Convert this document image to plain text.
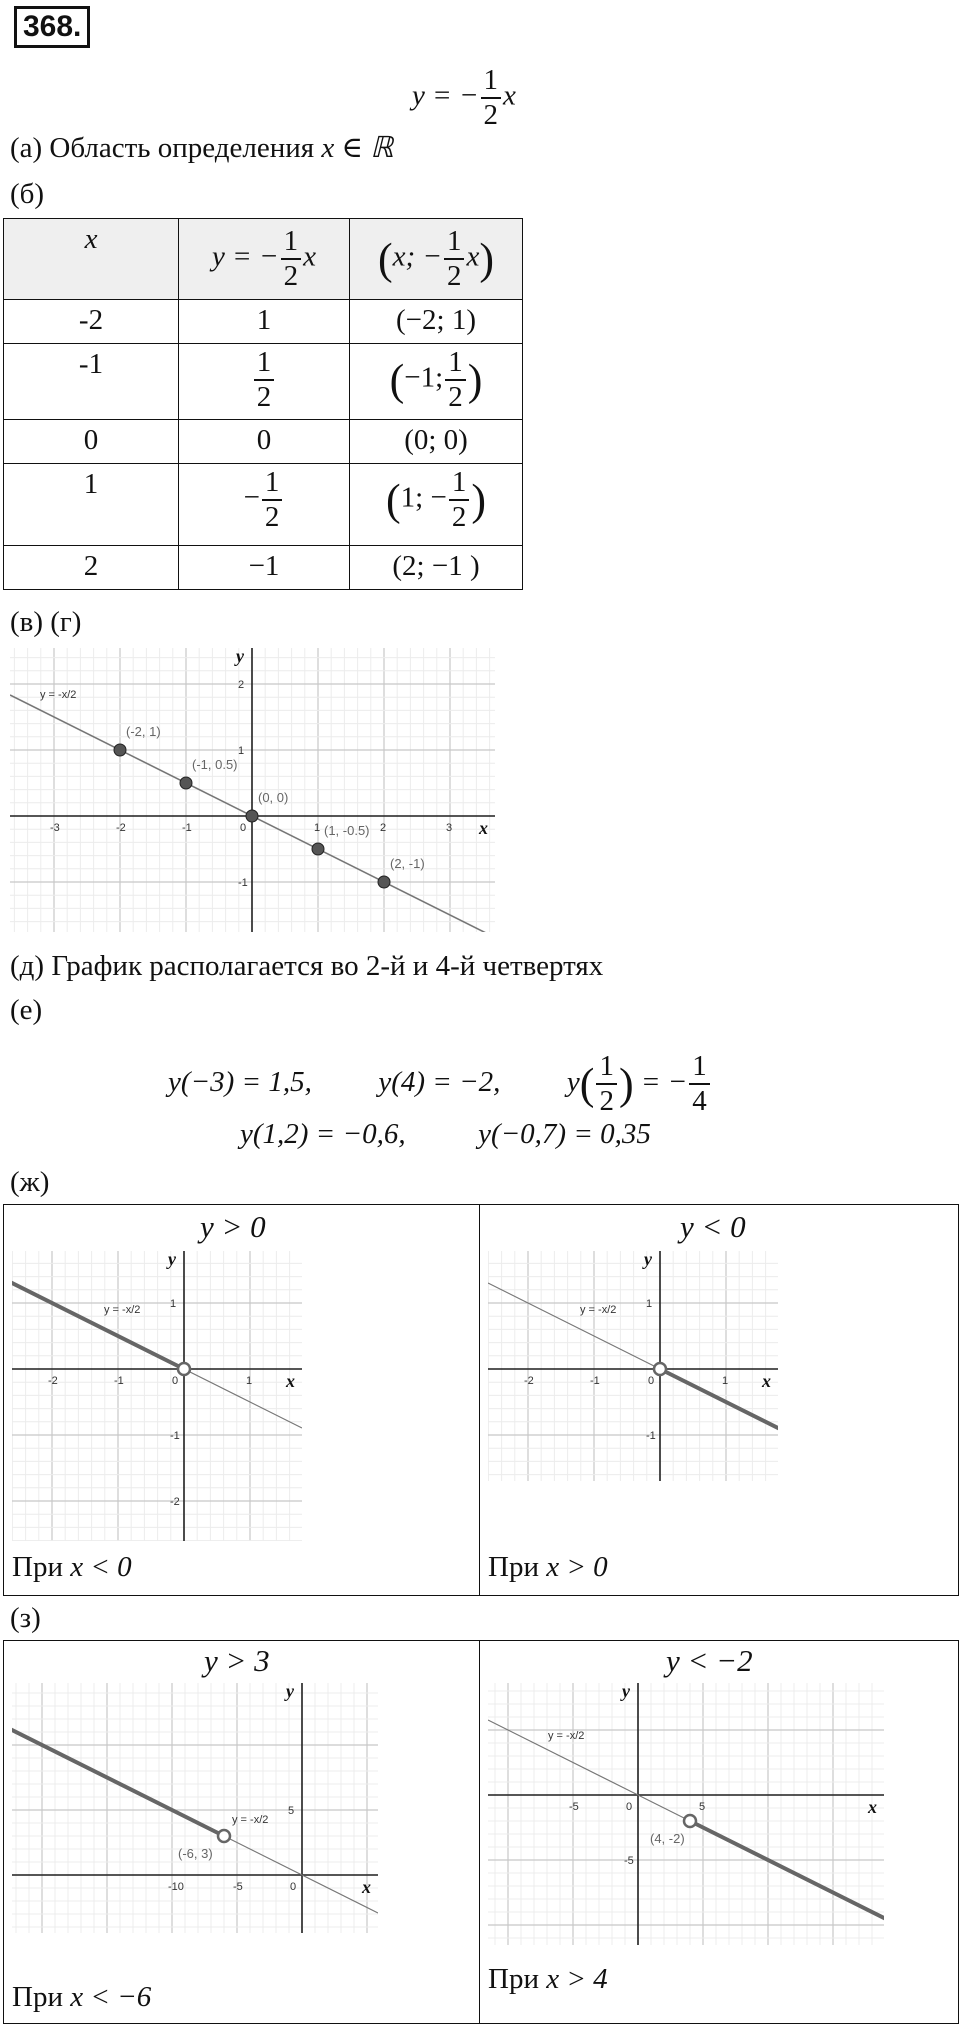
368.
y = − $\frac{1}{2}$ x
(а) Область определения x ∈ ℝ
(б)
x	y = − $\frac{1}{2}$ x	(x; − $\frac{1}{2} x$)
-2	1	(−2; 1)
-1	$\frac{1}{2}$	(−1; $\frac{1}{2}$ )
0	0	(0; 0)
1	− $\frac{1}{2}$	(1; − $\frac{1}{2}$ )
2	−1	(2; −1 )
(в) (г)
-3	-2	-1	0	1	2	3
2
1
-1
x
y
y = -x/2
(-2, 1)
(-1, 0.5)
(0, 0)
(1, -0.5)
(2, -1)
(д) График располагается во 2-й и 4-й четвертях
(е)
y(−3) = 1,5, y(4) = −2, $y( \frac{1}{2}$ ) = − $\frac{1}{4}$
y(1,2) = −0,6,	y(−0,7) = 0,35
(ж)
y > 0
-2	-1	0	1
1
-1
-2
x
y
y = -x/2
При x < 0
y < 0
-2	-1	0	1
1
-1
x
y
y = -x/2
При x > 0
(з)
y > 3
-10	-5	0
5
x
y
y = -x/2
(-6, 3)
При x < −6
y < −2
-5	0	5
-5
x
y
y = -x/2
(4, -2)
При x > 4
